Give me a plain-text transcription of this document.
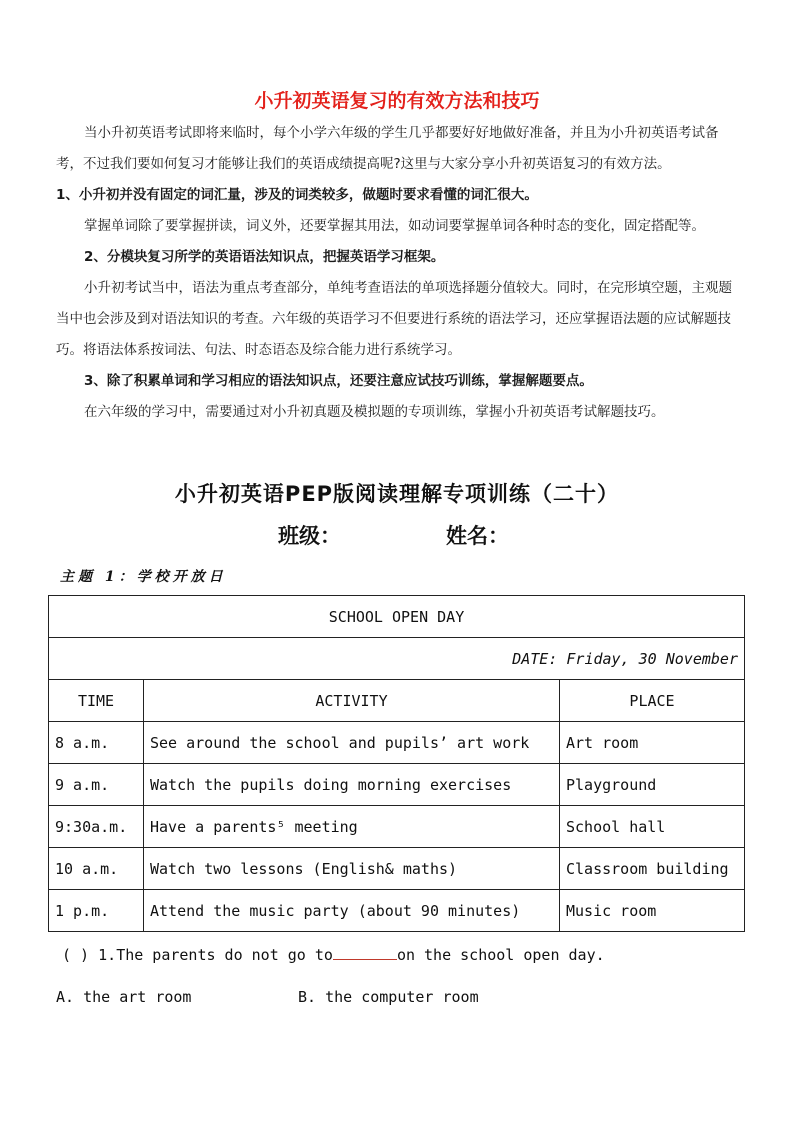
小升初英语复习的有效方法和技巧

当小升初英语考试即将来临时，每个小学六年级的学生几乎都要好好地做好准备，并且为小升初英语考试备考，不过我们要如何复习才能够让我们的英语成绩提高呢?这里与大家分享小升初英语复习的有效方法。

1、小升初并没有固定的词汇量，涉及的词类较多，做题时要求看懂的词汇很大。

掌握单词除了要掌握拼读，词义外，还要掌握其用法，如动词要掌握单词各种时态的变化，固定搭配等。

2、分模块复习所学的英语语法知识点，把握英语学习框架。

小升初考试当中，语法为重点考查部分，单纯考查语法的单项选择题分值较大。同时，在完形填空题，主观题当中也会涉及到对语法知识的考查。六年级的英语学习不但要进行系统的语法学习，还应掌握语法题的应试解题技巧。将语法体系按词法、句法、时态语态及综合能力进行系统学习。

3、除了积累单词和学习相应的语法知识点，还要注意应试技巧训练，掌握解题要点。

在六年级的学习中，需要通过对小升初真题及模拟题的专项训练，掌握小升初英语考试解题技巧。

小升初英语PEP版阅读理解专项训练（二十）
班级：	姓名：
主题 1：学校开放日
SCHOOL OPEN DAY		
DATE: Friday, 30 November		
TIME	ACTIVITY	PLACE
8 a.m.	See around the school and pupils’ art work	Art room
9 a.m.	Watch the pupils doing morning exercises	Playground
9:30a.m.	Have a parents⁵ meeting	School hall
10 a.m.	Watch two lessons (English& maths)	Classroom building
1 p.m.	Attend the music party (about 90 minutes)	Music room
( ) 1.The parents do not go to	on the school open day.
A. the art room	B. the computer room
